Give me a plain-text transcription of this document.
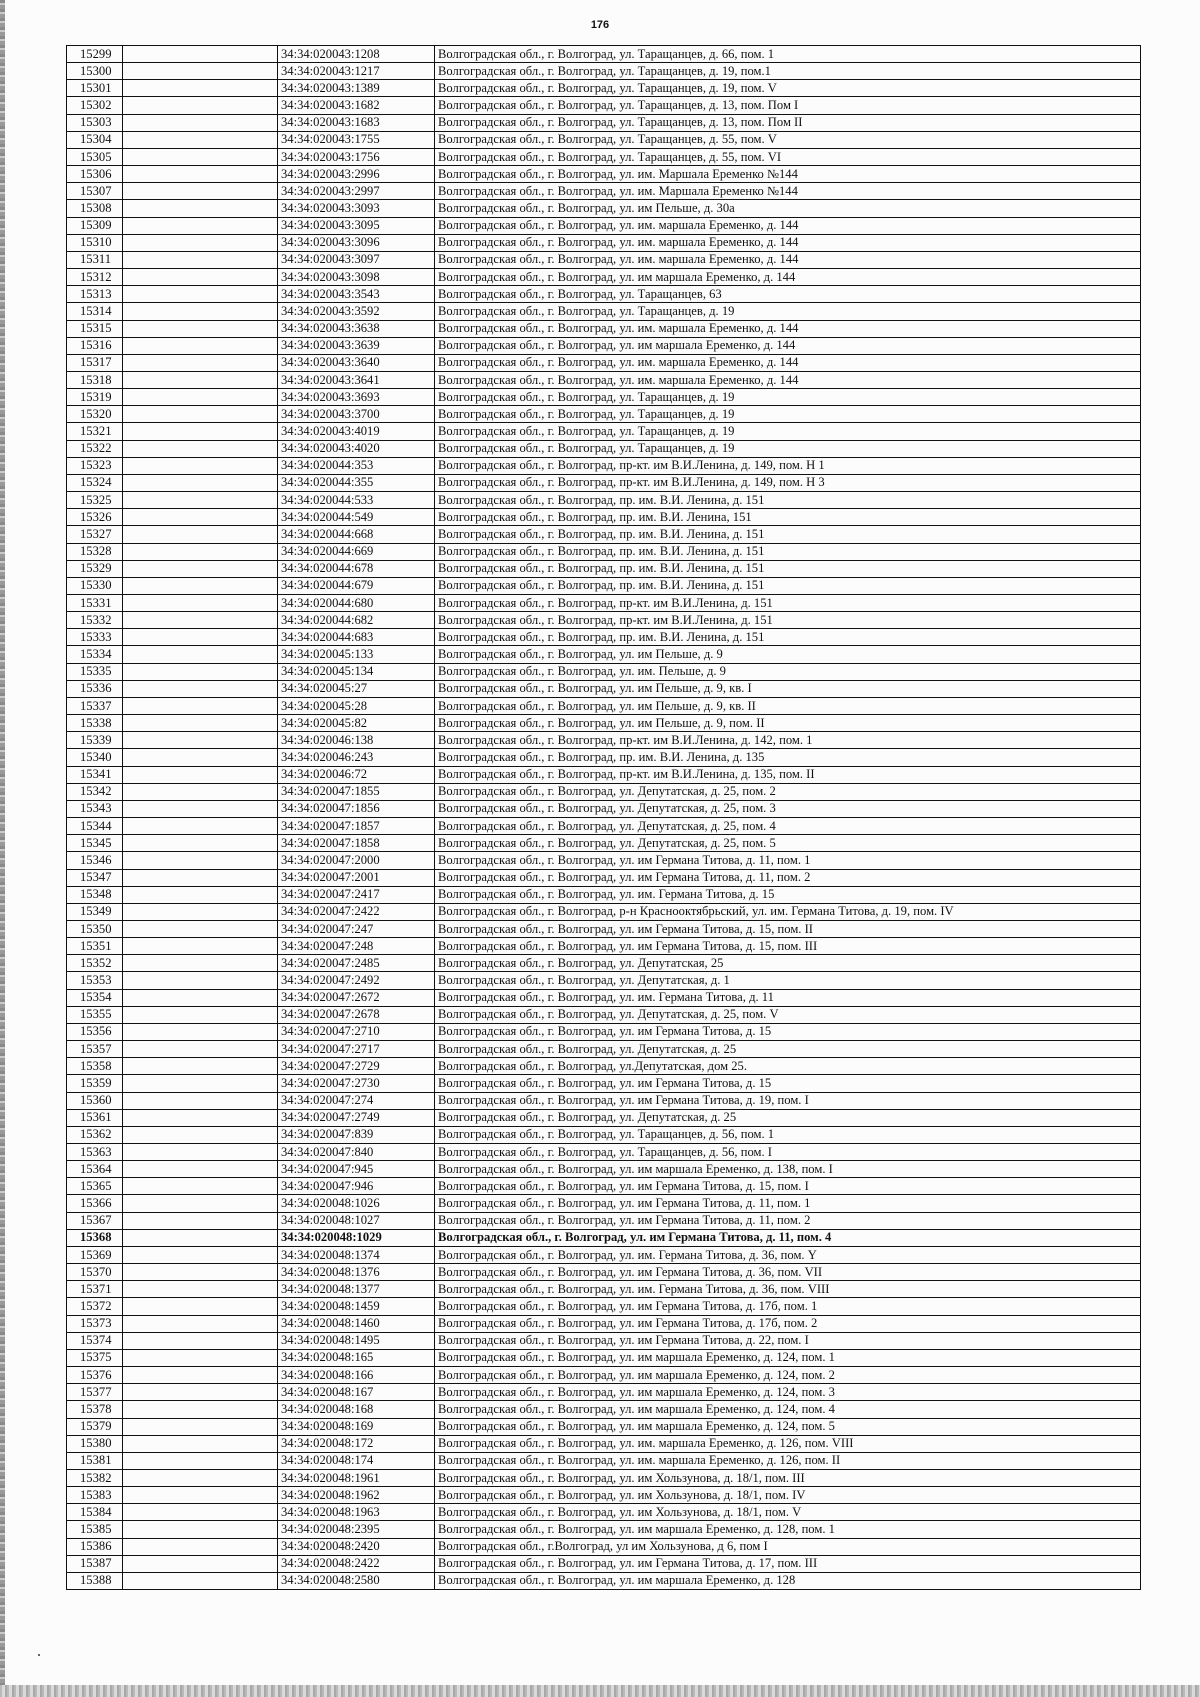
176
15299		34:34:020043:1208	Волгоградская обл., г. Волгоград, ул. Таращанцев, д. 66, пом. 1
15300		34:34:020043:1217	Волгоградская обл., г. Волгоград, ул. Таращанцев, д. 19, пом.1
15301		34:34:020043:1389	Волгоградская обл., г. Волгоград, ул. Таращанцев, д. 19, пом. V
15302		34:34:020043:1682	Волгоградская обл., г. Волгоград, ул. Таращанцев, д. 13, пом. Пом I
15303		34:34:020043:1683	Волгоградская обл., г. Волгоград, ул. Таращанцев, д. 13, пом. Пом II
15304		34:34:020043:1755	Волгоградская обл., г. Волгоград, ул. Таращанцев, д. 55, пом. V
15305		34:34:020043:1756	Волгоградская обл., г. Волгоград, ул. Таращанцев, д. 55, пом. VI
15306		34:34:020043:2996	Волгоградская обл., г. Волгоград, ул. им. Маршала Еременко №144
15307		34:34:020043:2997	Волгоградская обл., г. Волгоград, ул. им. Маршала Еременко №144
15308		34:34:020043:3093	Волгоградская обл., г. Волгоград, ул. им Пельше, д. 30а
15309		34:34:020043:3095	Волгоградская обл., г. Волгоград, ул. им. маршала Еременко, д. 144
15310		34:34:020043:3096	Волгоградская обл., г. Волгоград, ул. им. маршала Еременко, д. 144
15311		34:34:020043:3097	Волгоградская обл., г. Волгоград, ул. им. маршала Еременко, д. 144
15312		34:34:020043:3098	Волгоградская обл., г. Волгоград, ул. им маршала Еременко, д. 144
15313		34:34:020043:3543	Волгоградская обл., г. Волгоград, ул. Таращанцев, 63
15314		34:34:020043:3592	Волгоградская обл., г. Волгоград, ул. Таращанцев, д. 19
15315		34:34:020043:3638	Волгоградская обл., г. Волгоград, ул. им. маршала Еременко, д. 144
15316		34:34:020043:3639	Волгоградская обл., г. Волгоград, ул. им маршала Еременко, д. 144
15317		34:34:020043:3640	Волгоградская обл., г. Волгоград, ул. им. маршала Еременко, д. 144
15318		34:34:020043:3641	Волгоградская обл., г. Волгоград, ул. им. маршала Еременко, д. 144
15319		34:34:020043:3693	Волгоградская обл., г. Волгоград, ул. Таращанцев, д. 19
15320		34:34:020043:3700	Волгоградская обл., г. Волгоград, ул. Таращанцев, д. 19
15321		34:34:020043:4019	Волгоградская обл., г. Волгоград, ул. Таращанцев, д. 19
15322		34:34:020043:4020	Волгоградская обл., г. Волгоград, ул. Таращанцев, д. 19
15323		34:34:020044:353	Волгоградская обл., г. Волгоград, пр-кт. им В.И.Ленина, д. 149, пом. Н 1
15324		34:34:020044:355	Волгоградская обл., г. Волгоград, пр-кт. им В.И.Ленина, д. 149, пом. Н 3
15325		34:34:020044:533	Волгоградская обл., г. Волгоград, пр. им. В.И. Ленина, д. 151
15326		34:34:020044:549	Волгоградская обл., г. Волгоград, пр. им. В.И. Ленина, 151
15327		34:34:020044:668	Волгоградская обл., г. Волгоград, пр. им. В.И. Ленина, д. 151
15328		34:34:020044:669	Волгоградская обл., г. Волгоград, пр. им. В.И. Ленина, д. 151
15329		34:34:020044:678	Волгоградская обл., г. Волгоград, пр. им. В.И. Ленина, д. 151
15330		34:34:020044:679	Волгоградская обл., г. Волгоград, пр. им. В.И. Ленина, д. 151
15331		34:34:020044:680	Волгоградская обл., г. Волгоград, пр-кт. им В.И.Ленина, д. 151
15332		34:34:020044:682	Волгоградская обл., г. Волгоград, пр-кт. им В.И.Ленина, д. 151
15333		34:34:020044:683	Волгоградская обл., г. Волгоград, пр. им. В.И. Ленина, д. 151
15334		34:34:020045:133	Волгоградская обл., г. Волгоград, ул. им Пельше, д. 9
15335		34:34:020045:134	Волгоградская обл., г. Волгоград, ул. им. Пельше, д. 9
15336		34:34:020045:27	Волгоградская обл., г. Волгоград, ул. им Пельше, д. 9, кв. I
15337		34:34:020045:28	Волгоградская обл., г. Волгоград, ул. им Пельше, д. 9, кв. II
15338		34:34:020045:82	Волгоградская обл., г. Волгоград, ул. им Пельше, д. 9, пом. II
15339		34:34:020046:138	Волгоградская обл., г. Волгоград, пр-кт. им В.И.Ленина, д. 142, пом. 1
15340		34:34:020046:243	Волгоградская обл., г. Волгоград, пр. им. В.И. Ленина, д. 135
15341		34:34:020046:72	Волгоградская обл., г. Волгоград, пр-кт. им В.И.Ленина, д. 135, пом. II
15342		34:34:020047:1855	Волгоградская обл., г. Волгоград, ул. Депутатская, д. 25, пом. 2
15343		34:34:020047:1856	Волгоградская обл., г. Волгоград, ул. Депутатская, д. 25, пом. 3
15344		34:34:020047:1857	Волгоградская обл., г. Волгоград, ул. Депутатская, д. 25, пом. 4
15345		34:34:020047:1858	Волгоградская обл., г. Волгоград, ул. Депутатская, д. 25, пом. 5
15346		34:34:020047:2000	Волгоградская обл., г. Волгоград, ул. им Германа Титова, д. 11, пом. 1
15347		34:34:020047:2001	Волгоградская обл., г. Волгоград, ул. им Германа Титова, д. 11, пом. 2
15348		34:34:020047:2417	Волгоградская обл., г. Волгоград, ул. им. Германа Титова, д. 15
15349		34:34:020047:2422	Волгоградская обл., г. Волгоград, р-н Краснооктябрьский, ул. им. Германа Титова, д. 19, пом. IV
15350		34:34:020047:247	Волгоградская обл., г. Волгоград, ул. им Германа Титова, д. 15, пом. II
15351		34:34:020047:248	Волгоградская обл., г. Волгоград, ул. им Германа Титова, д. 15, пом. III
15352		34:34:020047:2485	Волгоградская обл., г. Волгоград, ул. Депутатская, 25
15353		34:34:020047:2492	Волгоградская обл., г. Волгоград, ул. Депутатская, д. 1
15354		34:34:020047:2672	Волгоградская обл., г. Волгоград, ул. им. Германа Титова, д. 11
15355		34:34:020047:2678	Волгоградская обл., г. Волгоград, ул. Депутатская, д. 25, пом. V
15356		34:34:020047:2710	Волгоградская обл., г. Волгоград, ул. им Германа Титова, д. 15
15357		34:34:020047:2717	Волгоградская обл., г. Волгоград, ул. Депутатская, д. 25
15358		34:34:020047:2729	Волгоградская обл., г. Волгоград, ул.Депутатская, дом 25.
15359		34:34:020047:2730	Волгоградская обл., г. Волгоград, ул. им Германа Титова, д. 15
15360		34:34:020047:274	Волгоградская обл., г. Волгоград, ул. им Германа Титова, д. 19, пом. I
15361		34:34:020047:2749	Волгоградская обл., г. Волгоград, ул. Депутатская, д. 25
15362		34:34:020047:839	Волгоградская обл., г. Волгоград, ул. Таращанцев, д. 56, пом. 1
15363		34:34:020047:840	Волгоградская обл., г. Волгоград, ул. Таращанцев, д. 56, пом. I
15364		34:34:020047:945	Волгоградская обл., г. Волгоград, ул. им маршала Еременко, д. 138, пом. I
15365		34:34:020047:946	Волгоградская обл., г. Волгоград, ул. им Германа Титова, д. 15, пом. I
15366		34:34:020048:1026	Волгоградская обл., г. Волгоград, ул. им Германа Титова, д. 11, пом. 1
15367		34:34:020048:1027	Волгоградская обл., г. Волгоград, ул. им Германа Титова, д. 11, пом. 2
15368		34:34:020048:1029	Волгоградская обл., г. Волгоград, ул. им Германа Титова, д. 11, пом. 4
15369		34:34:020048:1374	Волгоградская обл., г. Волгоград, ул. им. Германа Титова, д. 36, пом. Y
15370		34:34:020048:1376	Волгоградская обл., г. Волгоград, ул. им Германа Титова, д. 36, пом. VII
15371		34:34:020048:1377	Волгоградская обл., г. Волгоград, ул. им. Германа Титова, д. 36, пом. VIII
15372		34:34:020048:1459	Волгоградская обл., г. Волгоград, ул. им Германа Титова, д. 17б, пом. 1
15373		34:34:020048:1460	Волгоградская обл., г. Волгоград, ул. им Германа Титова, д. 17б, пом. 2
15374		34:34:020048:1495	Волгоградская обл., г. Волгоград, ул. им Германа Титова, д. 22, пом. I
15375		34:34:020048:165	Волгоградская обл., г. Волгоград, ул. им маршала Еременко, д. 124, пом. 1
15376		34:34:020048:166	Волгоградская обл., г. Волгоград, ул. им маршала Еременко, д. 124, пом. 2
15377		34:34:020048:167	Волгоградская обл., г. Волгоград, ул. им маршала Еременко, д. 124, пом. 3
15378		34:34:020048:168	Волгоградская обл., г. Волгоград, ул. им маршала Еременко, д. 124, пом. 4
15379		34:34:020048:169	Волгоградская обл., г. Волгоград, ул. им маршала Еременко, д. 124, пом. 5
15380		34:34:020048:172	Волгоградская обл., г. Волгоград, ул. им. маршала Еременко, д. 126, пом. VIII
15381		34:34:020048:174	Волгоградская обл., г. Волгоград, ул. им. маршала Еременко, д. 126, пом. II
15382		34:34:020048:1961	Волгоградская обл., г. Волгоград, ул. им Хользунова, д. 18/1, пом. III
15383		34:34:020048:1962	Волгоградская обл., г. Волгоград, ул. им Хользунова, д. 18/1, пом. IV
15384		34:34:020048:1963	Волгоградская обл., г. Волгоград, ул. им Хользунова, д. 18/1, пом. V
15385		34:34:020048:2395	Волгоградская обл., г. Волгоград, ул. им маршала Еременко, д. 128, пом. 1
15386		34:34:020048:2420	Волгоградская обл., г.Волгоград, ул им Хользунова, д 6, пом I
15387		34:34:020048:2422	Волгоградская обл., г. Волгоград, ул. им Германа Титова, д. 17, пом. III
15388		34:34:020048:2580	Волгоградская обл., г. Волгоград, ул. им маршала Еременко, д. 128
